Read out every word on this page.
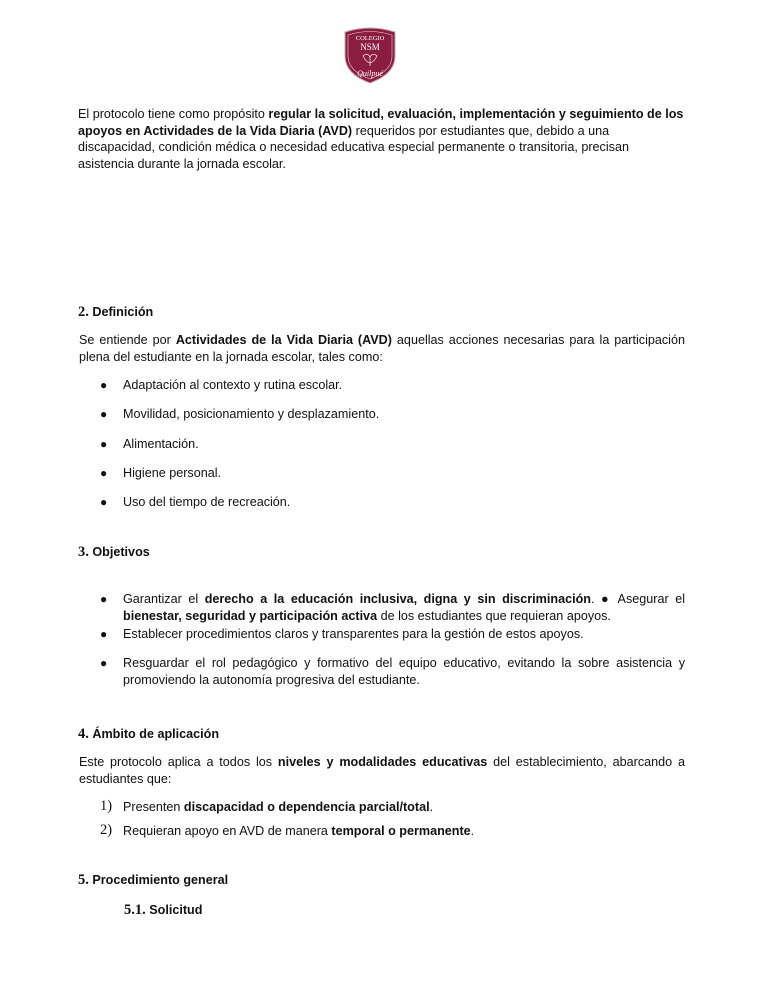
COLEGIO
NSM
Quilpué
El protocolo tiene como propósito regular la solicitud, evaluación, implementación y seguimiento de los apoyos en Actividades de la Vida Diaria (AVD) requeridos por estudiantes que, debido a una discapacidad, condición médica o necesidad educativa especial permanente o transitoria, precisan asistencia durante la jornada escolar.
2. Definición
Se entiende por Actividades de la Vida Diaria (AVD) aquellas acciones necesarias para la participación plena del estudiante en la jornada escolar, tales como:
● Adaptación al contexto y rutina escolar.
● Movilidad, posicionamiento y desplazamiento.
● Alimentación.
● Higiene personal.
● Uso del tiempo de recreación.
3. Objetivos
● Garantizar el derecho a la educación inclusiva, digna y sin discriminación. ● Asegurar el bienestar, seguridad y participación activa de los estudiantes que requieran apoyos.
● Establecer procedimientos claros y transparentes para la gestión de estos apoyos.
● Resguardar el rol pedagógico y formativo del equipo educativo, evitando la sobre asistencia y promoviendo la autonomía progresiva del estudiante.
4. Ámbito de aplicación
Este protocolo aplica a todos los niveles y modalidades educativas del establecimiento, abarcando a estudiantes que:
1) Presenten discapacidad o dependencia parcial/total.
2) Requieran apoyo en AVD de manera temporal o permanente.
5. Procedimiento general
5.1. Solicitud
